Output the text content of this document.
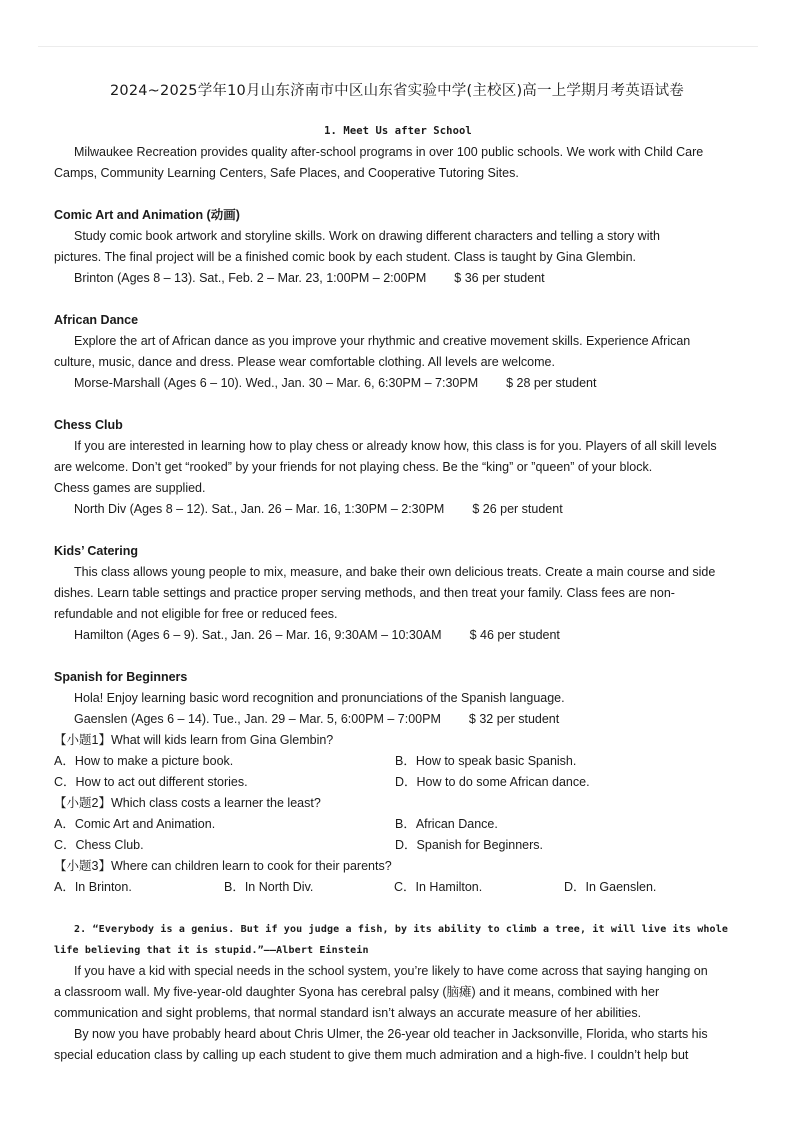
2024~2025学年10月山东济南市中区山东省实验中学(主校区)高一上学期月考英语试卷
1. Meet Us after School

Milwaukee Recreation provides quality after-school programs in over 100 public schools. We work with Child Care

Camps, Community Learning Centers, Safe Places, and Cooperative Tutoring Sites.

Comic Art and Animation (动画)

Study comic book artwork and storyline skills. Work on drawing different characters and telling a story with

pictures. The final project will be a finished comic book by each student. Class is taught by Gina Glembin.

Brinton (Ages 8 – 13). Sat., Feb. 2 – Mar. 23, 1:00PM – 2:00PM $ 36 per student

African Dance

Explore the art of African dance as you improve your rhythmic and creative movement skills. Experience African

culture, music, dance and dress. Please wear comfortable clothing. All levels are welcome.

Morse-Marshall (Ages 6 – 10). Wed., Jan. 30 – Mar. 6, 6:30PM – 7:30PM $ 28 per student

Chess Club

If you are interested in learning how to play chess or already know how, this class is for you. Players of all skill levels

are welcome. Don’t get “rooked” by your friends for not playing chess. Be the “king” or ”queen” of your block.

Chess games are supplied.

North Div (Ages 8 – 12). Sat., Jan. 26 – Mar. 16, 1:30PM – 2:30PM $ 26 per student

Kids’ Catering

This class allows young people to mix, measure, and bake their own delicious treats. Create a main course and side

dishes. Learn table settings and practice proper serving methods, and then treat your family. Class fees are non-

refundable and not eligible for free or reduced fees.

Hamilton (Ages 6 – 9). Sat., Jan. 26 – Mar. 16, 9:30AM – 10:30AM $ 46 per student

Spanish for Beginners

Hola! Enjoy learning basic word recognition and pronunciations of the Spanish language.

Gaenslen (Ages 6 – 14). Tue., Jan. 29 – Mar. 5, 6:00PM – 7:00PM $ 32 per student

【小题1】What will kids learn from Gina Glembin?

A．How to make a picture book.	B．How to speak basic Spanish.
C．How to act out different stories.	D．How to do some African dance.

【小题2】Which class costs a learner the least?

A．Comic Art and Animation.	B．African Dance.
C．Chess Club.	D．Spanish for Beginners.

【小题3】Where can children learn to cook for their parents?

A．In Brinton.	B．In North Div.	C．In Hamilton.	D．In Gaenslen.

2. “Everybody is a genius. But if you judge a fish, by its ability to climb a tree, it will live its whole

life believing that it is stupid.”——Albert Einstein

If you have a kid with special needs in the school system, you’re likely to have come across that saying hanging on

a classroom wall. My five-year-old daughter Syona has cerebral palsy (脑瘫) and it means, combined with her

communication and sight problems, that normal standard isn’t always an accurate measure of her abilities.

By now you have probably heard about Chris Ulmer, the 26-year old teacher in Jacksonville, Florida, who starts his

special education class by calling up each student to give them much admiration and a high-five. I couldn’t help but
